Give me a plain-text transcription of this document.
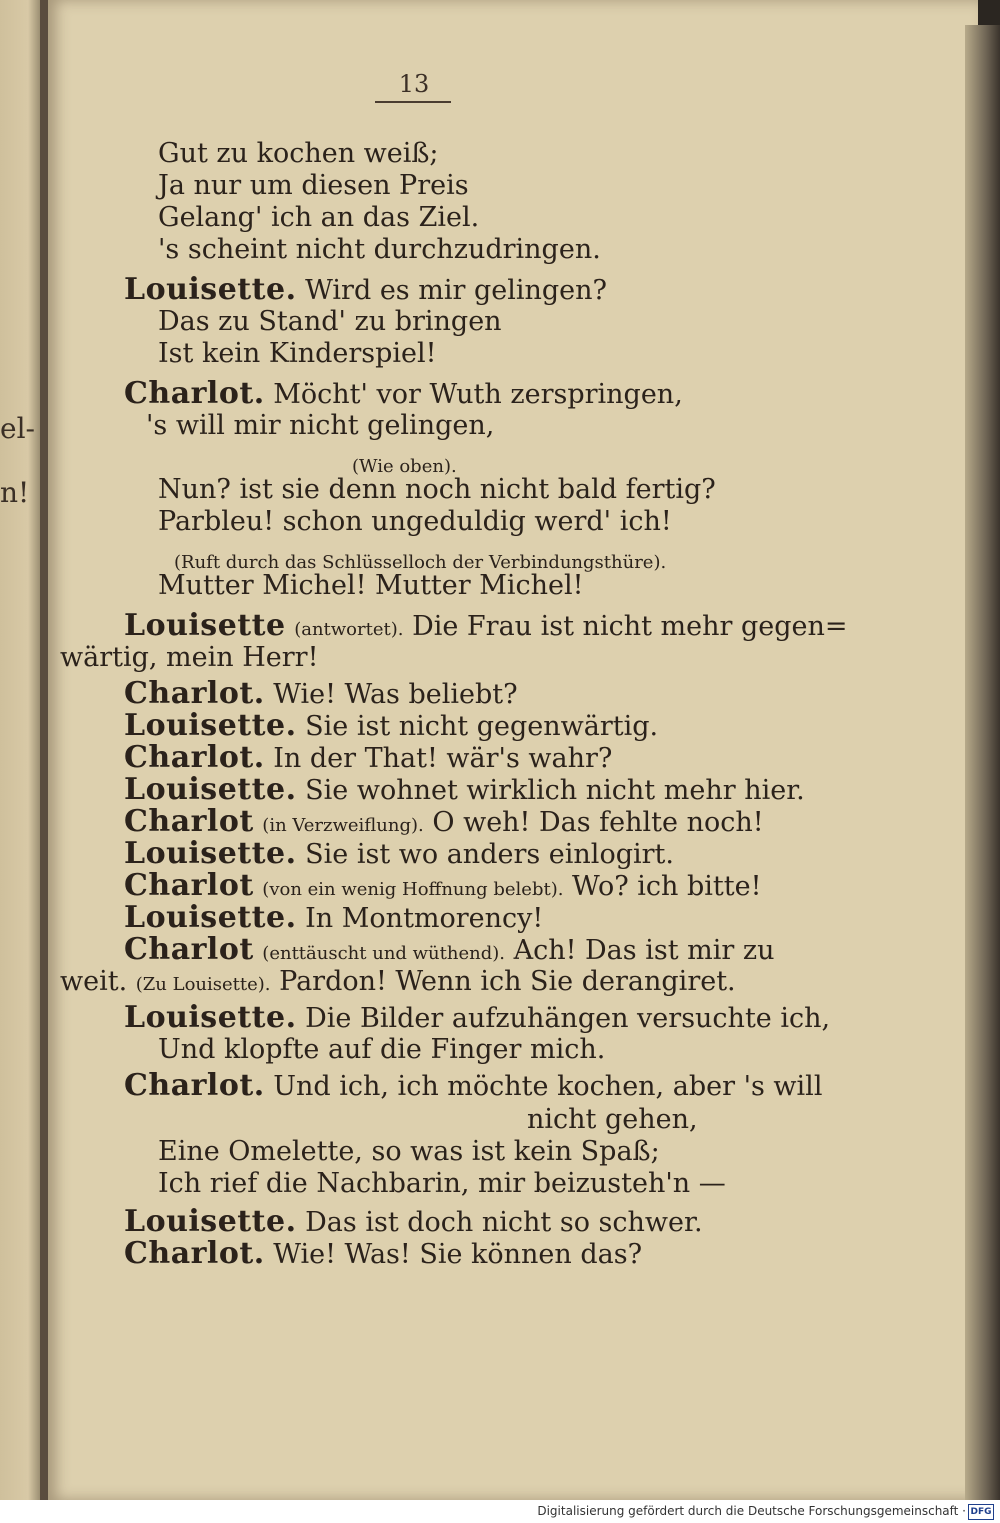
el-
n!
13
Gut zu kochen weiß;
Ja nur um diesen Preis
Gelang' ich an das Ziel.
's scheint nicht durchzudringen.
Louisette. Wird es mir gelingen?
Das zu Stand' zu bringen
Ist kein Kinderspiel!
Charlot. Möcht' vor Wuth zerspringen,
's will mir nicht gelingen,
(Wie oben).
Nun? ist sie denn noch nicht bald fertig?
Parbleu! schon ungeduldig werd' ich!
(Ruft durch das Schlüsselloch der Verbindungsthüre).
Mutter Michel! Mutter Michel!
Louisette (antwortet). Die Frau ist nicht mehr gegen=
wärtig, mein Herr!
Charlot. Wie! Was beliebt?
Louisette. Sie ist nicht gegenwärtig.
Charlot. In der That! wär's wahr?
Louisette. Sie wohnet wirklich nicht mehr hier.
Charlot (in Verzweiflung). O weh! Das fehlte noch!
Louisette. Sie ist wo anders einlogirt.
Charlot (von ein wenig Hoffnung belebt). Wo? ich bitte!
Louisette. In Montmorency!
Charlot (enttäuscht und wüthend). Ach! Das ist mir zu
weit. (Zu Louisette). Pardon! Wenn ich Sie derangiret.
Louisette. Die Bilder aufzuhängen versuchte ich,
Und klopfte auf die Finger mich.
Charlot. Und ich, ich möchte kochen, aber 's will
nicht gehen,
Eine Omelette, so was ist kein Spaß;
Ich rief die Nachbarin, mir beizusteh'n —
Louisette. Das ist doch nicht so schwer.
Charlot. Wie! Was! Sie können das?
Digitalisierung gefördert durch die Deutsche Forschungsgemeinschaft · DFG
